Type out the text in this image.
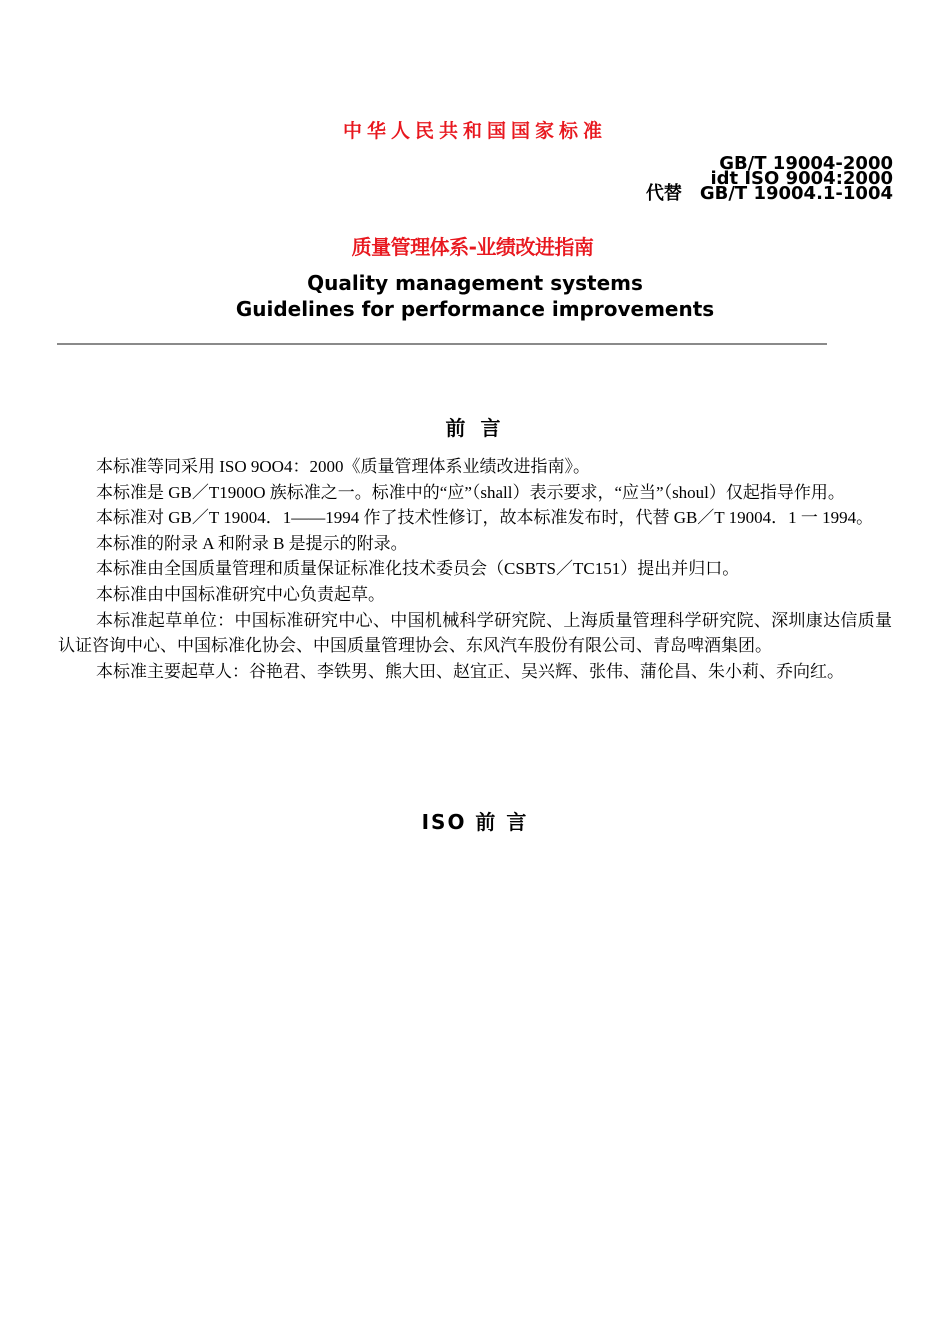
中华人民共和国国家标准
GB/T 19004-2000
idt ISO 9004:2000
代替 GB/T 19004.1-1004
质量管理体系-业绩改进指南
Quality management systems
Guidelines for performance improvements
前 言

本标准等同采用 ISO 9OO4：2000《质量管理体系业绩改进指南》。

本标准是 GB／T1900O 族标准之一。标准中的“应”（shall）表示要求，“应当”（shoul）仅起指导作用。

本标准对 GB／T 19004．1——1994 作了技术性修订，故本标准发布时，代替 GB／T 19004．1 一 1994。

本标准的附录 A 和附录 B 是提示的附录。

本标准由全国质量管理和质量保证标准化技术委员会（CSBTS／TC151）提出并归口。

本标准由中国标准研究中心负责起草。

本标准起草单位：中国标准研究中心、中国机械科学研究院、上海质量管理科学研究院、深圳康达信质量认证咨询中心、中国标准化协会、中国质量管理协会、东风汽车股份有限公司、青岛啤酒集团。

本标准主要起草人：谷艳君、李铁男、熊大田、赵宜正、吴兴辉、张伟、蒲伦昌、朱小莉、乔向红。

ISO 前 言
